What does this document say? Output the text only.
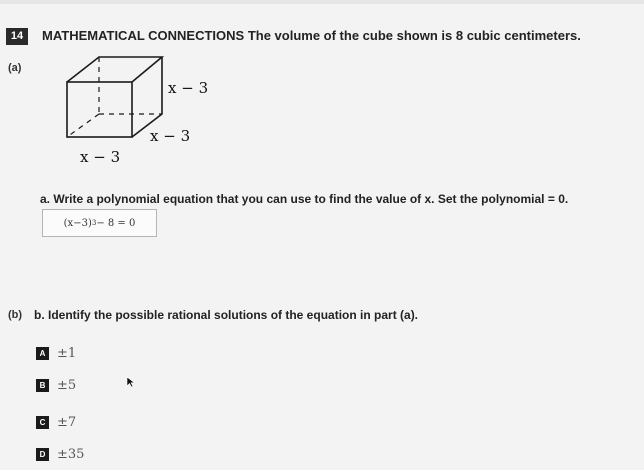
14	MATHEMATICAL CONNECTIONS The volume of the cube shown is 8 cubic centimeters.
(a)
x − 3
x − 3
x − 3
a. Write a polynomial equation that you can use to find the value of x. Set the polynomial = 0.
(x−3) 3 − 8 = 0
(b) b. Identify the possible rational solutions of the equation in part (a).
A ±1
B ±5
C ±7
D ±35
